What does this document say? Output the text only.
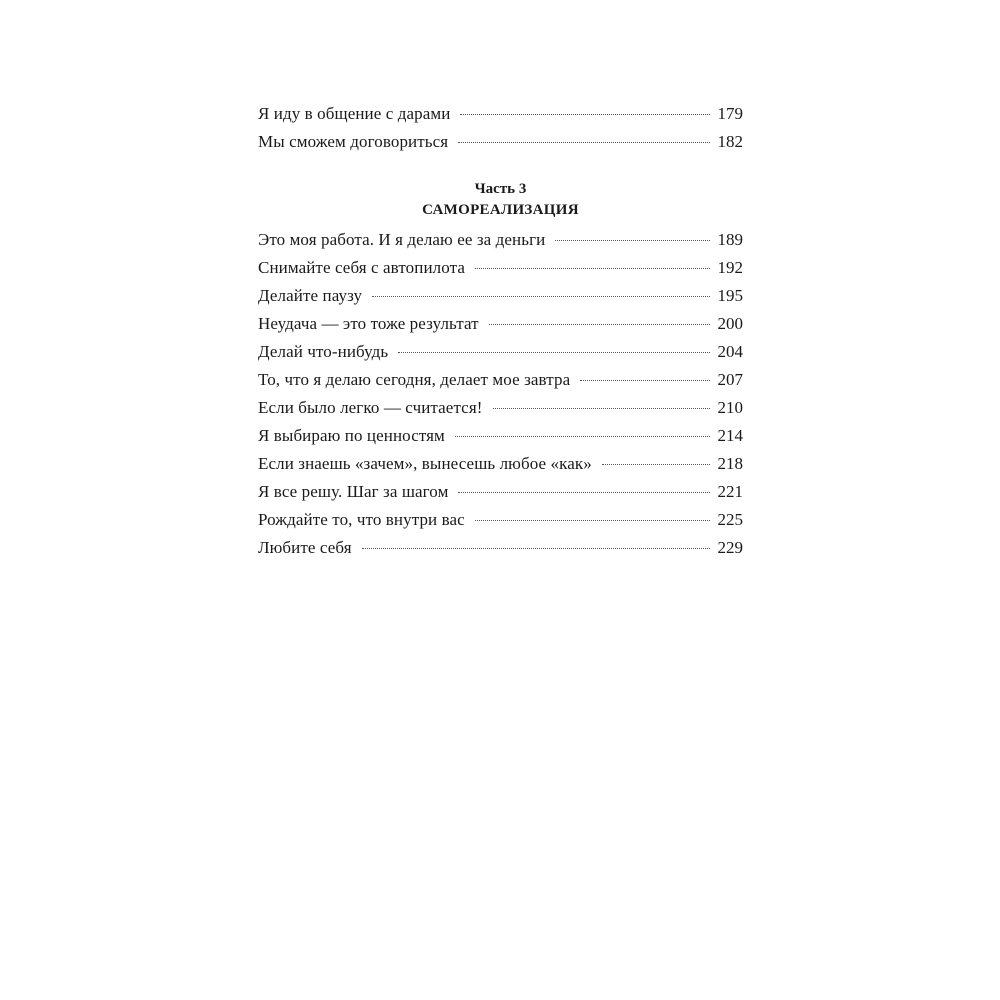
Я иду в общение с дарами	179
Мы сможем договориться	182
Часть 3
САМОРЕАЛИЗАЦИЯ
Это моя работа. И я делаю ее за деньги	189
Снимайте себя с автопилота	192
Делайте паузу	195
Неудача — это тоже результат	200
Делай что-нибудь	204
То, что я делаю сегодня, делает мое завтра	207
Если было легко — считается!	210
Я выбираю по ценностям	214
Если знаешь «зачем», вынесешь любое «как»	218
Я все решу. Шаг за шагом	221
Рождайте то, что внутри вас	225
Любите себя	229
